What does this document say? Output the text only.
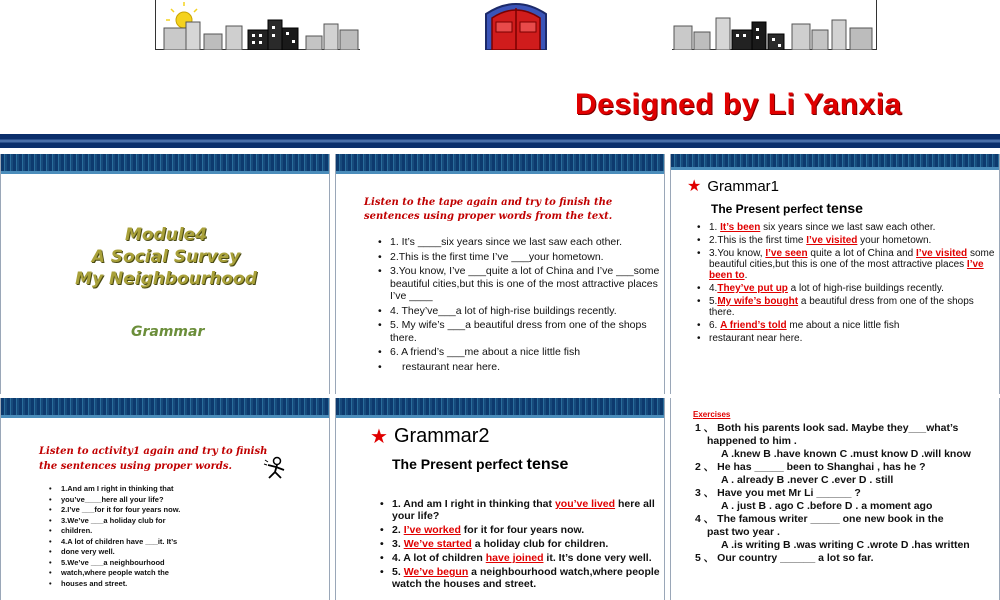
Designed by Li Yanxia
Module4
A Social Survey
My Neighbourhood
Grammar
Listen to the tape again and try to finish the sentences using proper words from the text.
• 1. It’s ____six years since we last saw each other.
• 2.This is the first time I’ve ___your hometown.
• 3.You know, I’ve ___quite a lot of China and I’ve ___some beautiful cities,but this is one of the most attractive places I’ve ____
• 4. They’ve___a lot of high-rise buildings recently.
• 5. My wife’s ___a beautiful dress from one of the shops there.
• 6. A friend’s ___me about a nice little fish
• restaurant near here.
★ Grammar1
The Present perfect tense
• 1. It’s been six years since we last saw each other.
• 2.This is the first time I’ve visited your hometown.
• 3.You know, I’ve seen quite a lot of China and I’ve visited some beautiful cities,but this is one of the most attractive places I’ve been to.
• 4.They’ve put up a lot of high-rise buildings recently.
• 5.My wife’s bought a beautiful dress from one of the shops there.
• 6. A friend’s told me about a nice little fish
• restaurant near here.
Listen to activity1 again and try to finish the sentences using proper words.
• 1.And am I right in thinking that
• you’ve____here all your life?
• 2.I’ve ___for it for four years now.
• 3.We’ve ___a holiday club for
• children.
• 4.A lot of children have ___it. It’s
• done very well.
• 5.We’ve ___a neighbourhood
• watch,where people watch the
• houses and street.
★ Grammar2
The Present perfect tense
• 1. And am I right in thinking that you’ve lived here all your life?
• 2. I’ve worked for it for four years now.
• 3. We’ve started a holiday club for children.
• 4. A lot of children have joined it. It’s done very well.
• 5. We’ve begun a neighbourhood watch,where people watch the houses and street.
Exercises

1 、 Both his parents look sad. Maybe they___what’s

happened to him .

A .knew B .have known C .must know D .will know

2 、 He has _____ been to Shanghai , has he ?

A . already B .never C .ever D . still

3 、 Have you met Mr Li ______ ?

A . just B . ago C .before D . a moment ago

4 、 The famous writer _____ one new book in the

past two year .

A .is writing B .was writing C .wrote D .has written

5 、 Our country ______ a lot so far.
